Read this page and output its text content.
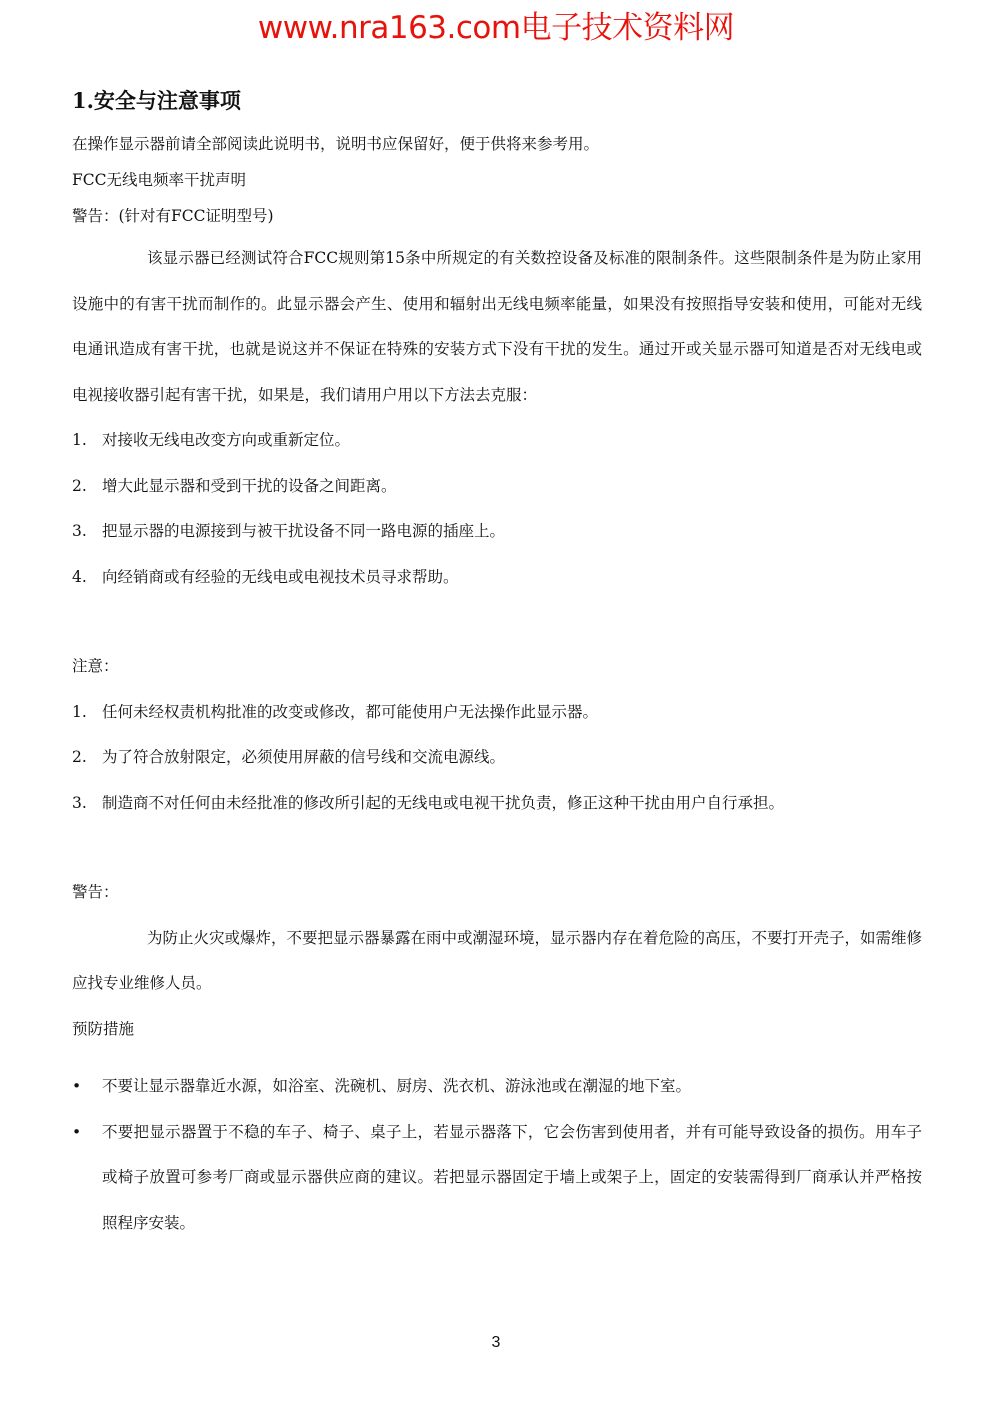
www.nra163.com电子技术资料网
1.安全与注意事项

在操作显示器前请全部阅读此说明书，说明书应保留好，便于供将来参考用。

FCC无线电频率干扰声明

警告：(针对有FCC证明型号)

该显示器已经测试符合FCC规则第15条中所规定的有关数控设备及标准的限制条件。这些限制条件是为防止家用设施中的有害干扰而制作的。此显示器会产生、使用和辐射出无线电频率能量，如果没有按照指导安装和使用，可能对无线电通讯造成有害干扰，也就是说这并不保证在特殊的安装方式下没有干扰的发生。通过开或关显示器可知道是否对无线电或电视接收器引起有害干扰，如果是，我们请用户用以下方法去克服：

1. 对接收无线电改变方向或重新定位。
2. 增大此显示器和受到干扰的设备之间距离。
3. 把显示器的电源接到与被干扰设备不同一路电源的插座上。
4. 向经销商或有经验的无线电或电视技术员寻求帮助。

注意：

1. 任何未经权责机构批准的改变或修改，都可能使用户无法操作此显示器。
2. 为了符合放射限定，必须使用屏蔽的信号线和交流电源线。
3. 制造商不对任何由未经批准的修改所引起的无线电或电视干扰负责，修正这种干扰由用户自行承担。

警告：

为防止火灾或爆炸，不要把显示器暴露在雨中或潮湿环境，显示器内存在着危险的高压，不要打开壳子，如需维修应找专业维修人员。

预防措施

•	不要让显示器靠近水源，如浴室、洗碗机、厨房、洗衣机、游泳池或在潮湿的地下室。
•	不要把显示器置于不稳的车子、椅子、桌子上，若显示器落下，它会伤害到使用者，并有可能导致设备的损伤。用车子或椅子放置可参考厂商或显示器供应商的建议。若把显示器固定于墙上或架子上，固定的安装需得到厂商承认并严格按照程序安装。
3
